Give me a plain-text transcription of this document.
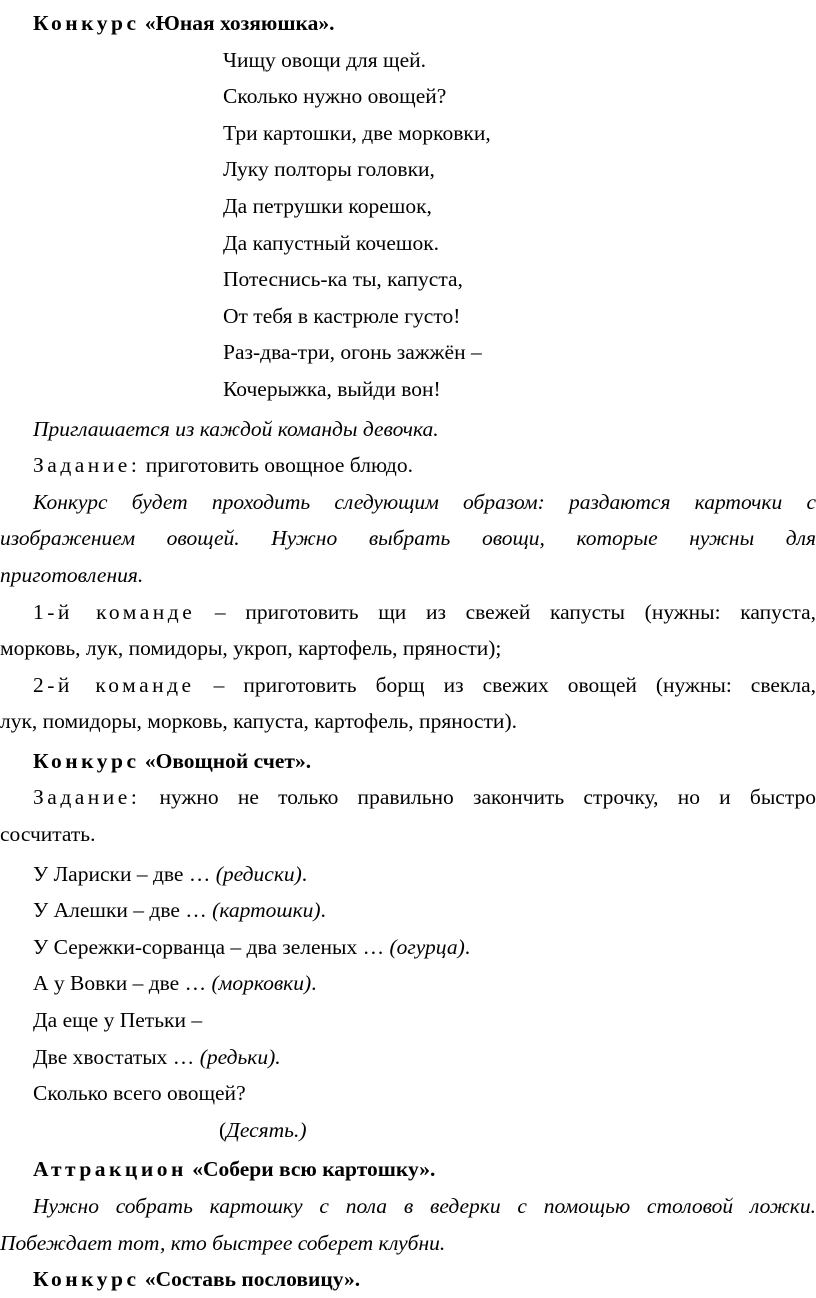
Конкурс «Юная хозяюшка».

Чищу овощи для щей.

Сколько нужно овощей?

Три картошки, две морковки,

Луку полторы головки,

Да петрушки корешок,

Да капустный кочешок.

Потеснись-ка ты, капуста,

От тебя в кастрюле густо!

Раз-два-три, огонь зажжён –

Кочерыжка, выйди вон!

Приглашается из каждой команды девочка.

Задание: приготовить овощное блюдо.

Конкурс будет проходить следующим образом: раздаются карточки с

изображением овощей. Нужно выбрать овощи, которые нужны для

приготовления.

1-й команде – приготовить щи из свежей капусты (нужны: капуста,

морковь, лук, помидоры, укроп, картофель, пряности);

2-й команде – приготовить борщ из свежих овощей (нужны: свекла,

лук, помидоры, морковь, капуста, картофель, пряности).

Конкурс «Овощной счет».

Задание: нужно не только правильно закончить строчку, но и быстро

сосчитать.

У Лариски – две … (редиски).

У Алешки – две … (картошки).

У Сережки-сорванца – два зеленых … (огурца).

А у Вовки – две … (морковки).

Да еще у Петьки –

Две хвостатых … (редьки).

Сколько всего овощей?

(Десять.)

Аттракцион «Собери всю картошку».

Нужно собрать картошку с пола в ведерки с помощью столовой ложки.

Побеждает тот, кто быстрее соберет клубни.

Конкурс «Составь пословицу».
